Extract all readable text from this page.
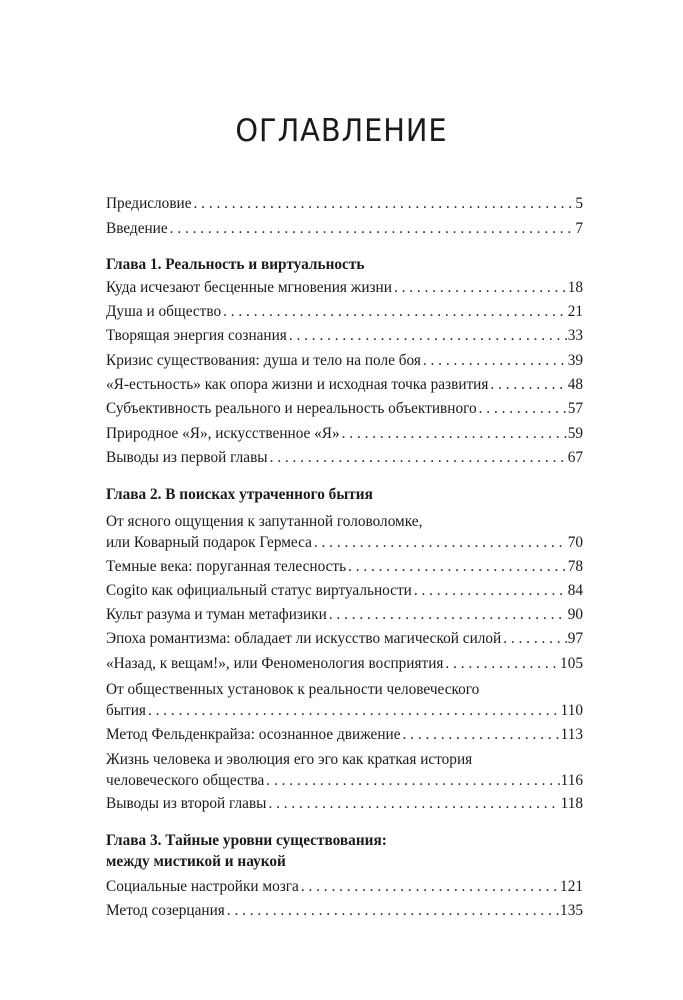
ОГЛАВЛЕНИЕ
Предисловие . . .	5
Введение . . .	7
Глава 1. Реальность и виртуальность
Куда исчезают бесценные мгновения жизни . . .	18
Душа и общество . . .	21
Творящая энергия сознания . . .	33
Кризис существования: душа и тело на поле боя . . .	39
«Я-естьность» как опора жизни и исходная точка развития . . .	48
Субъективность реального и нереальность объективного . . .	57
Природное «Я», искусственное «Я» . . .	59
Выводы из первой главы . . .	67
Глава 2. В поисках утраченного бытия
От ясного ощущения к запутанной головоломке,
или Коварный подарок Гермеса . . .	70
Темные века: поруганная телесность . . .	78
Cogito как официальный статус виртуальности . . .	84
Культ разума и туман метафизики . . .	90
Эпоха романтизма: обладает ли искусство магической силой . . .	97
«Назад, к вещам!», или Феноменология восприятия . . .	105
От общественных установок к реальности человеческого
бытия . . .	110
Метод Фельденкрайза: осознанное движение . . .	113
Жизнь человека и эволюция его эго как краткая история
человеческого общества . . .	116
Выводы из второй главы . . .	118
Глава 3. Тайные уровни существования:
между мистикой и наукой
Социальные настройки мозга . . .	121
Метод созерцания . . .	135
